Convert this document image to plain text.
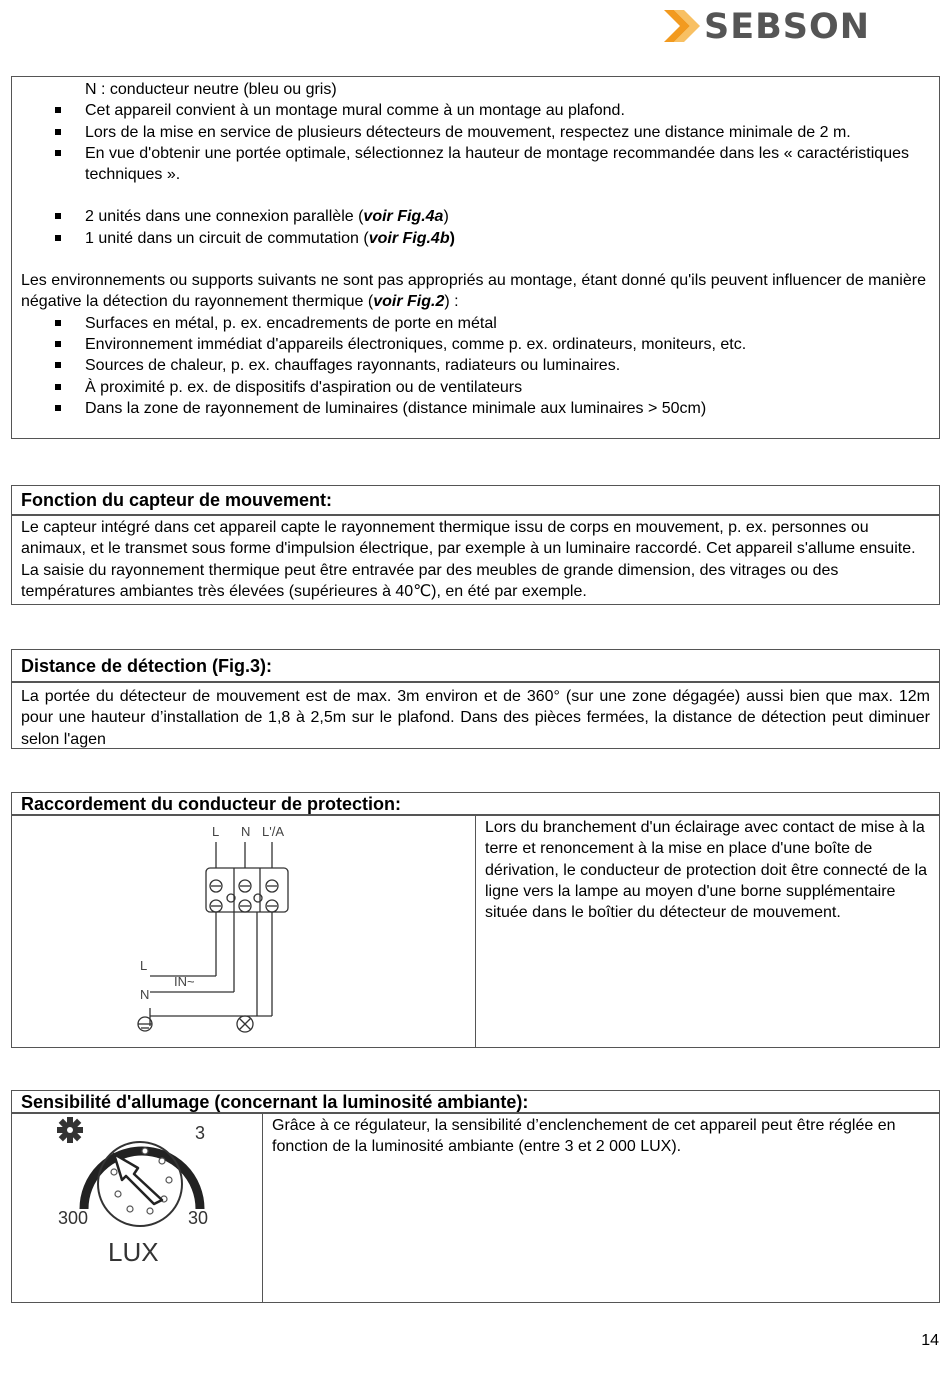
SEBSON
N : conducteur neutre (bleu ou gris)
Cet appareil convient à un montage mural comme à un montage au plafond.
Lors de la mise en service de plusieurs détecteurs de mouvement, respectez une distance minimale de 2 m.
En vue d'obtenir une portée optimale, sélectionnez la hauteur de montage recommandée dans les « caractéristiques techniques ».
2 unités dans une connexion parallèle (voir Fig.4a)
1 unité dans un circuit de commutation (voir Fig.4b)
Les environnements ou supports suivants ne sont pas appropriés au montage, étant donné qu'ils peuvent influencer de manière négative la détection du rayonnement thermique (voir Fig.2) :
Surfaces en métal, p. ex. encadrements de porte en métal
Environnement immédiat d'appareils électroniques, comme p. ex. ordinateurs, moniteurs, etc.
Sources de chaleur, p. ex. chauffages rayonnants, radiateurs ou luminaires.
À proximité p. ex. de dispositifs d'aspiration ou de ventilateurs
Dans la zone de rayonnement de luminaires (distance minimale aux luminaires > 50cm)
Fonction du capteur de mouvement:
Le capteur intégré dans cet appareil capte le rayonnement thermique issu de corps en mouvement, p. ex. personnes ou animaux, et le transmet sous forme d'impulsion électrique, par exemple à un luminaire raccordé. Cet appareil s'allume ensuite. La saisie du rayonnement thermique peut être entravée par des meubles de grande dimension, des vitrages ou des températures ambiantes très élevées (supérieures à 40℃), en été par exemple.
Distance de détection (Fig.3):
La portée du détecteur de mouvement est de max. 3m environ et de 360° (sur une zone dégagée) aussi bien que max. 12m pour une hauteur d’installation de 1,8 à 2,5m sur le plafond. Dans des pièces fermées, la distance de détection peut diminuer selon l'agen
Raccordement du conducteur de protection:
L N L'/A
L
N
IN~
Lors du branchement d'un éclairage avec contact de mise à la terre et renoncement à la mise en place d'une boîte de dérivation, le conducteur de protection doit être connecté de la ligne vers la lampe au moyen d'une borne supplémentaire située dans le boîtier du détecteur de mouvement.
Sensibilité d'allumage (concernant la luminosité ambiante):
3
300	30
LUX
Grâce à ce régulateur, la sensibilité d’enclenchement de cet appareil peut être réglée en fonction de la luminosité ambiante (entre 3 et 2 000 LUX).
14
